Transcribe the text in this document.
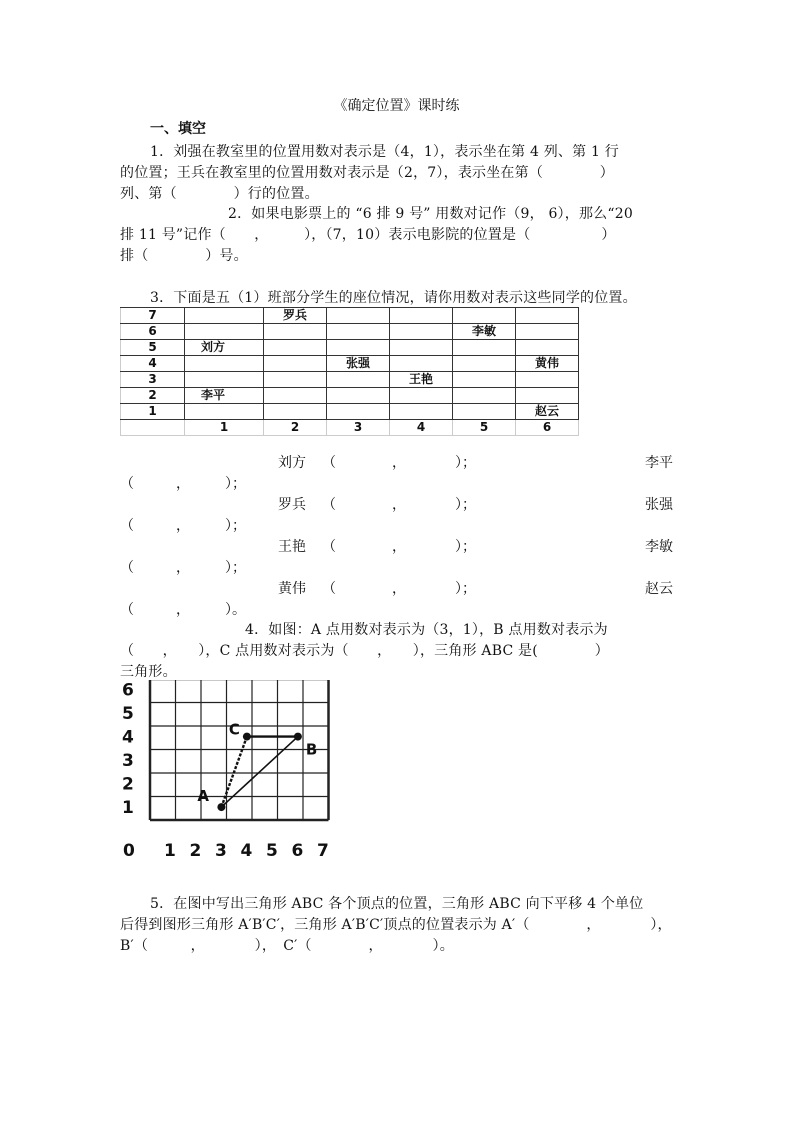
《确定位置》课时练
一、填空
1．刘强在教室里的位置用数对表示是（4，1），表示坐在第 4 列、第 1 行
的位置；王兵在教室里的位置用数对表示是（2，7），表示坐在第（　　　　）
列、第（　　　　）行的位置。
2．如果电影票上的 “6 排 9 号” 用数对记作（9， 6），那么“20
排 11 号”记作（　　，　　　），（7，10）表示电影院的位置是（　　　　　）
排（　　　　）号。
3．下面是五（1）班部分学生的座位情况，请你用数对表示这些同学的位置。
7		罗兵				
6					李敏	
5	刘方					
4			张强			黄伟
3				王艳		
2	李平					
1						赵云
	1	2	3	4	5	6
刘方 （　　　　，　　　　）；	李平
（　　　，　　　）；
罗兵 （　　　　，　　　　）；	张强
（　　　，　　　）；
王艳 （　　　　，　　　　）；	李敏
（　　　，　　　）；
黄伟 （　　　　，　　　　）；	赵云
（　　　，　　　）。
4．如图：A 点用数对表示为（3，1），B 点用数对表示为
（　　，　　），C 点用数对表示为（　　，　　），三角形 ABC 是(　　　　）
三角形。
1
2
3
4
5
6
0 1 2 3 4 5 6 7
A
B
C
5．在图中写出三角形 ABC 各个顶点的位置，三角形 ABC 向下平移 4 个单位
后得到图形三角形 A′B′C′，三角形 A′B′C′顶点的位置表示为 A′（　　　　，　　　　），
B′（　　　，　　　　），　C′（　　　　，　　　　）。
